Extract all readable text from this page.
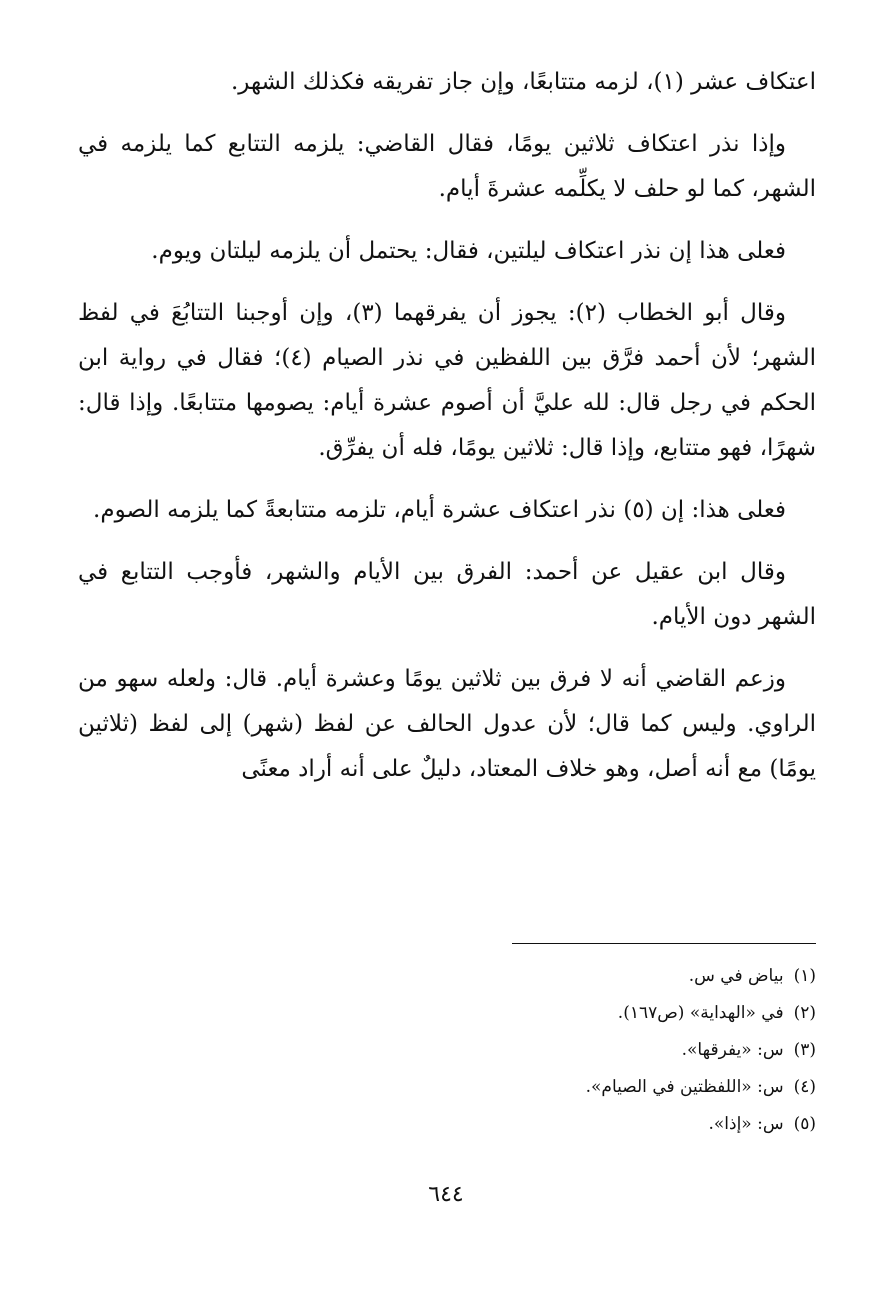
اعتكاف عشر (١)، لزمه متتابعًا، وإن جاز تفريقه فكذلك الشهر.

وإذا نذر اعتكاف ثلاثين يومًا، فقال القاضي: يلزمه التتابع كما يلزمه في الشهر، كما لو حلف لا يكلِّمه عشرةَ أيام.

فعلى هذا إن نذر اعتكاف ليلتين، فقال: يحتمل أن يلزمه ليلتان ويوم.

وقال أبو الخطاب (٢): يجوز أن يفرقهما (٣)، وإن أوجبنا التتابُعَ في لفظ الشهر؛ لأن أحمد فرَّق بين اللفظين في نذر الصيام (٤)؛ فقال في رواية ابن الحكم في رجل قال: لله عليَّ أن أصوم عشرة أيام: يصومها متتابعًا. وإذا قال: شهرًا، فهو متتابع، وإذا قال: ثلاثين يومًا، فله أن يفرِّق.

فعلى هذا: إن (٥) نذر اعتكاف عشرة أيام، تلزمه متتابعةً كما يلزمه الصوم.

وقال ابن عقيل عن أحمد: الفرق بين الأيام والشهر، فأوجب التتابع في الشهر دون الأيام.

وزعم القاضي أنه لا فرق بين ثلاثين يومًا وعشرة أيام. قال: ولعله سهو من الراوي. وليس كما قال؛ لأن عدول الحالف عن لفظ (شهر) إلى لفظ (ثلاثين يومًا) مع أنه أصل، وهو خلاف المعتاد، دليلٌ على أنه أراد معنًى

(١)بياض في س.
(٢)في «الهداية» (ص١٦٧).
(٣)س: «يفرقها».
(٤)س: «اللفظتين في الصيام».
(٥)س: «إذا».
٦٤٤
